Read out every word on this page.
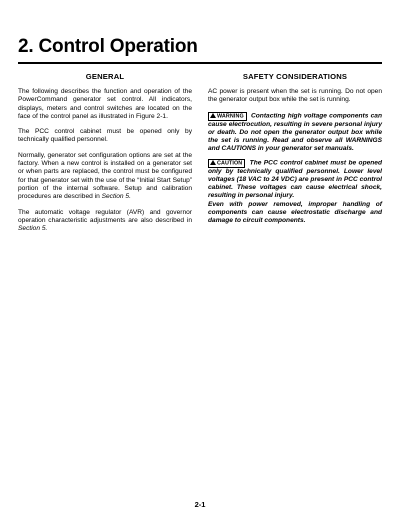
2. Control Operation
GENERAL

The following describes the function and operation of the PowerCommand generator set control. All indicators, displays, meters and control switches are located on the face of the control panel as illustrated in Figure 2-1.

The PCC control cabinet must be opened only by technically qualified personnel.

Normally, generator set configuration options are set at the factory. When a new control is installed on a generator set or when parts are replaced, the control must be configured for that generator set with the use of the “Initial Start Setup” portion of the internal software. Setup and calibration procedures are described in Section 5.

The automatic voltage regulator (AVR) and governor operation characteristic adjustments are also described in Section 5.

SAFETY CONSIDERATIONS

AC power is present when the set is running. Do not open the generator output box while the set is running.

WARNING Contacting high voltage components can cause electrocution, resulting in severe personal injury or death. Do not open the generator output box while the set is running. Read and observe all WARNINGS and CAUTIONS in your generator set manuals.

CAUTION The PCC control cabinet must be opened only by technically qualified personnel. Lower level voltages (18 VAC to 24 VDC) are present in PCC control cabinet. These voltages can cause electrical shock, resulting in personal injury.

Even with power removed, improper handling of components can cause electrostatic discharge and damage to circuit components.

2-1
